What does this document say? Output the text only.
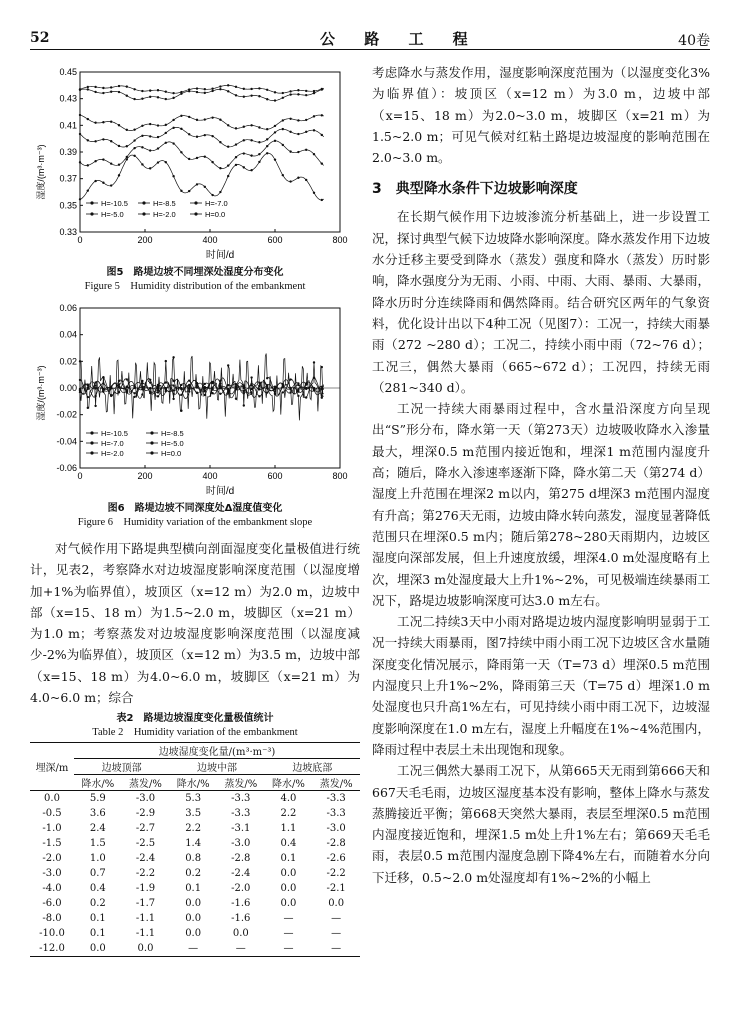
52	公 路 工 程	40卷
湿度/(m³·m⁻³)
时间/d
0	200	400	600	800
0.33
0.35
0.37
0.39
0.41
0.43
0.45
H=-10.5	H=-8.5	H=-7.0
H=-5.0	H=-2.0	H=0.0
图5　路堤边坡不同埋深处湿度分布变化
Figure 5　Humidity distribution of the embankment
湿度/(m³·m⁻³)
时间/d
0	200	400	600	800
-0.06
-0.04
-0.02
0.00
0.02
0.04
0.06
H=-10.5	H=-8.5
H=-7.0	H=-5.0
H=-2.0	H=0.0
图6　路堤边坡不同深度处Δ湿度值变化
Figure 6　Humidity variation of the embankment slope

对气候作用下路堤典型横向剖面湿度变化量极值进行统计，见表2，考察降水对边坡湿度影响深度范围（以湿度增加+1%为临界值），坡顶区（x=12 m）为2.0 m，边坡中部（x=15、18 m）为1.5~2.0 m，坡脚区（x=21 m）为1.0 m；考察蒸发对边坡湿度影响深度范围（以湿度减少-2%为临界值），坡顶区（x=12 m）为3.5 m，边坡中部（x=15、18 m）为4.0~6.0 m，坡脚区（x=21 m）为4.0~6.0 m；综合

表2　路堤边坡湿度变化量极值统计
Table 2　Humidity variation of the embankment
埋深/m	边坡湿度变化量/(m³·m⁻³)					
	边坡顶部		边坡中部		边坡底部	
	降水/%	蒸发/%	降水/%	蒸发/%	降水/%	蒸发/%
0.0	5.9	-3.0	5.3	-3.3	4.0	-3.3
-0.5	3.6	-2.9	3.5	-3.3	2.2	-3.3
-1.0	2.4	-2.7	2.2	-3.1	1.1	-3.0
-1.5	1.5	-2.5	1.4	-3.0	0.4	-2.8
-2.0	1.0	-2.4	0.8	-2.8	0.1	-2.6
-3.0	0.7	-2.2	0.2	-2.4	0.0	-2.2
-4.0	0.4	-1.9	0.1	-2.0	0.0	-2.1
-6.0	0.2	-1.7	0.0	-1.6	0.0	0.0
-8.0	0.1	-1.1	0.0	-1.6	—	—
-10.0	0.1	-1.1	0.0	0.0	—	—
-12.0	0.0	0.0	—	—	—	—

考虑降水与蒸发作用，湿度影响深度范围为（以湿度变化3%为临界值）：坡顶区（x=12 m）为3.0 m，边坡中部（x=15、18 m）为2.0~3.0 m，坡脚区（x=21 m）为1.5~2.0 m；可见气候对红粘土路堤边坡湿度的影响范围在2.0~3.0 m。

3　典型降水条件下边坡影响深度

在长期气候作用下边坡渗流分析基础上，进一步设置工况，探讨典型气候下边坡降水影响深度。降水蒸发作用下边坡水分迁移主要受到降水（蒸发）强度和降水（蒸发）历时影响，降水强度分为无雨、小雨、中雨、大雨、暴雨、大暴雨，降水历时分连续降雨和偶然降雨。结合研究区两年的气象资料，优化设计出以下4种工况（见图7）：工况一，持续大雨暴雨（272 ~280 d）；工况二，持续小雨中雨（72~76 d）；工况三，偶然大暴雨（665~672 d）；工况四，持续无雨（281~340 d）。

工况一持续大雨暴雨过程中，含水量沿深度方向呈现出“S”形分布，降水第一天（第273天）边坡吸收降水入渗量最大，埋深0.5 m范围内接近饱和，埋深1 m范围内湿度升高；随后，降水入渗速率逐渐下降，降水第二天（第274 d）湿度上升范围在埋深2 m以内，第275 d埋深3 m范围内湿度有升高；第276天无雨，边坡由降水转向蒸发，湿度显著降低范围只在埋深0.5 m内；随后第278~280天雨期内，边坡区湿度向深部发展，但上升速度放缓，埋深4.0 m处湿度略有上次，埋深3 m处湿度最大上升1%~2%，可见极端连续暴雨工况下，路堤边坡影响深度可达3.0 m左右。

工况二持续3天中小雨对路堤边坡内湿度影响明显弱于工况一持续大雨暴雨，图7持续中雨小雨工况下边坡区含水量随深度变化情况展示，降雨第一天（T=73 d）埋深0.5 m范围内湿度只上升1%~2%，降雨第三天（T=75 d）埋深1.0 m处湿度也只升高1%左右，可见持续小雨中雨工况下，边坡湿度影响深度在1.0 m左右，湿度上升幅度在1%~4%范围内，降雨过程中表层土未出现饱和现象。

工况三偶然大暴雨工况下，从第665天无雨到第666天和667天毛毛雨，边坡区湿度基本没有影响，整体上降水与蒸发蒸腾接近平衡；第668天突然大暴雨，表层至埋深0.5 m范围内湿度接近饱和，埋深1.5 m处上升1%左右；第669天毛毛雨，表层0.5 m范围内湿度急剧下降4%左右，而随着水分向下迁移，0.5~2.0 m处湿度却有1%~2%的小幅上
